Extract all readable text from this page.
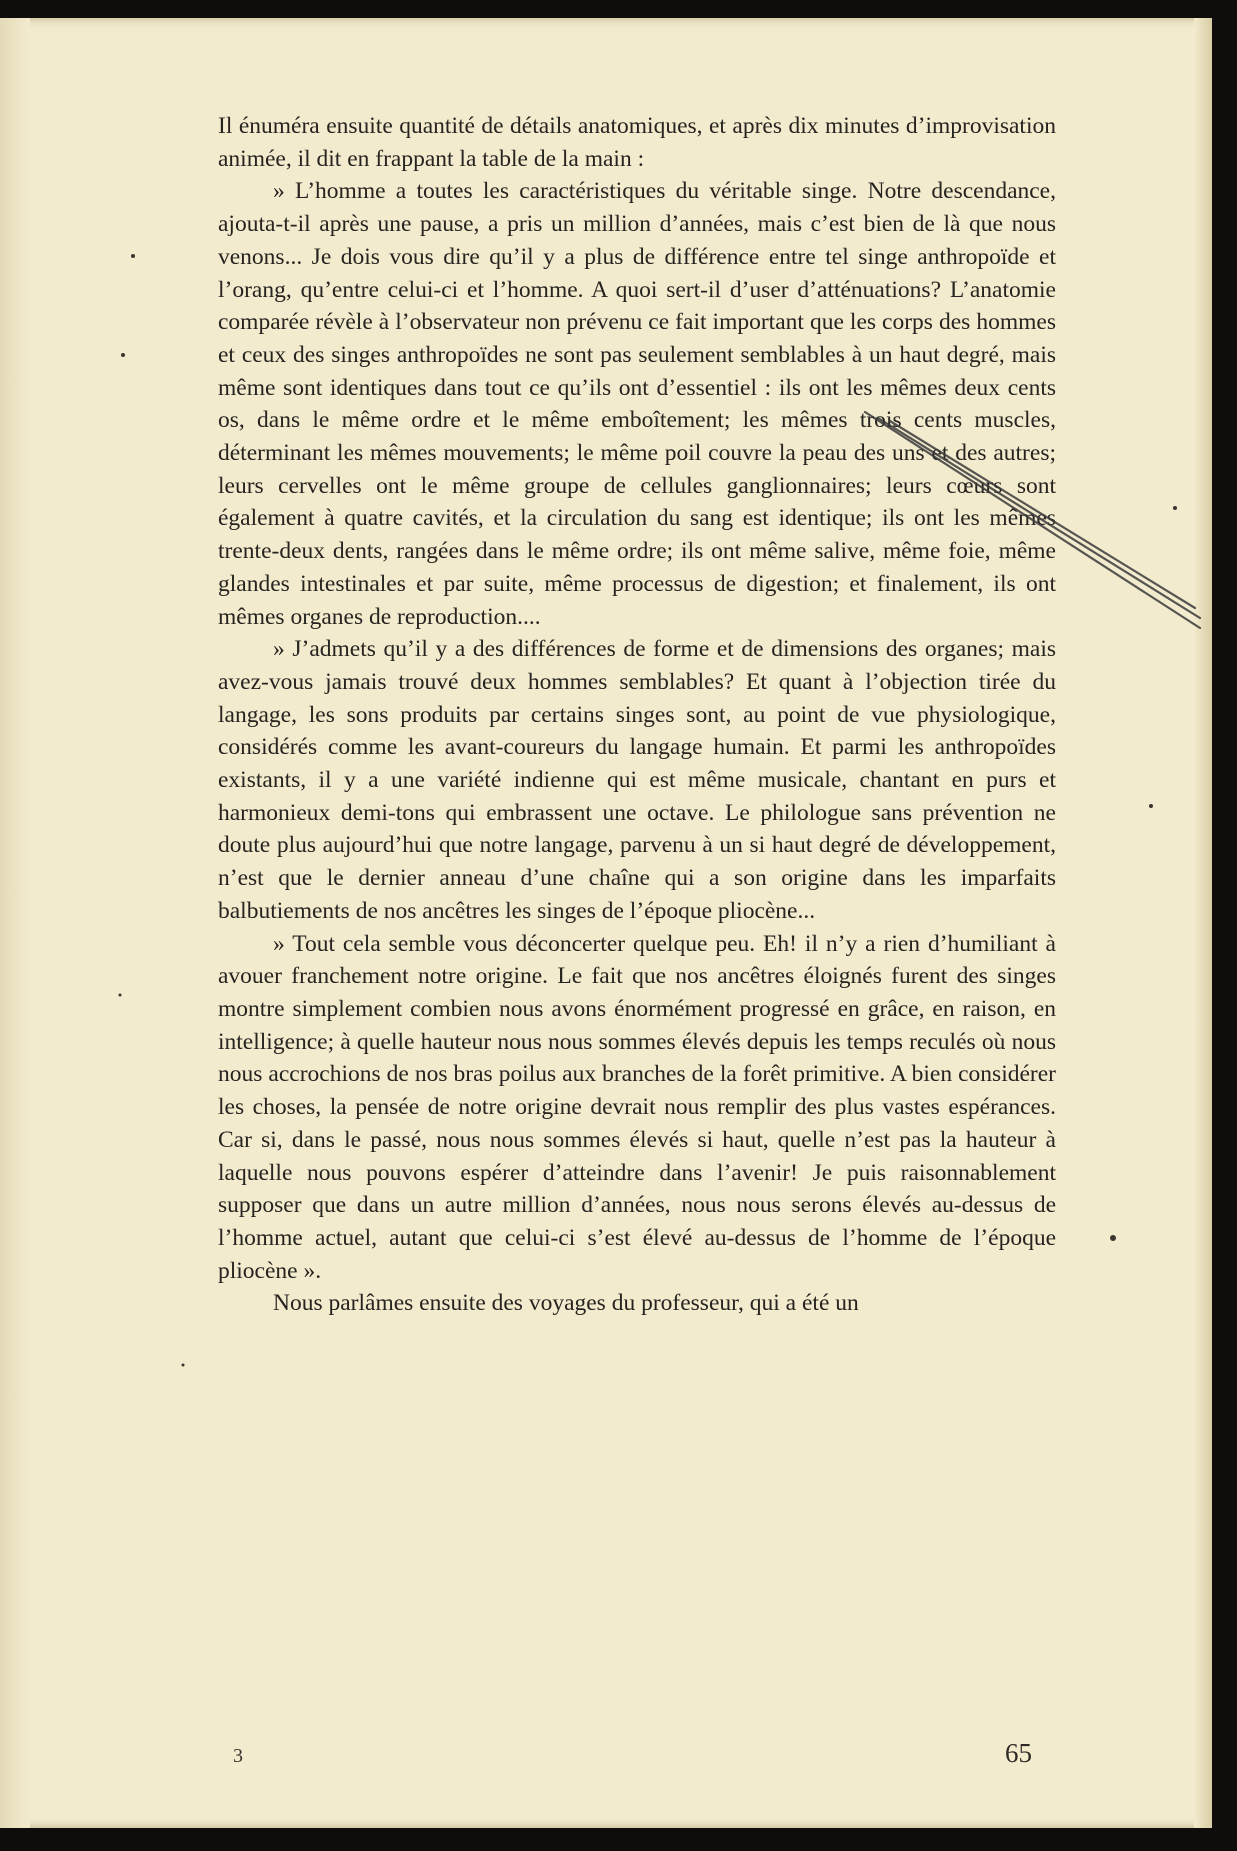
Il énuméra ensuite quantité de détails anatomiques, et après dix minutes d’improvisation animée, il dit en frappant la table de la main :

» L’homme a toutes les caractéristiques du véritable singe. Notre descendance, ajouta-t-il après une pause, a pris un million d’années, mais c’est bien de là que nous venons... Je dois vous dire qu’il y a plus de différence entre tel singe anthropoïde et l’orang, qu’entre celui-ci et l’homme. A quoi sert-il d’user d’atténuations? L’anatomie comparée révèle à l’observateur non prévenu ce fait important que les corps des hommes et ceux des singes anthropoïdes ne sont pas seulement semblables à un haut degré, mais même sont identiques dans tout ce qu’ils ont d’essentiel : ils ont les mêmes deux cents os, dans le même ordre et le même emboîtement; les mêmes trois cents muscles, déterminant les mêmes mouvements; le même poil couvre la peau des uns et des autres; leurs cervelles ont le même groupe de cellules ganglionnaires; leurs cœurs sont également à quatre cavités, et la circulation du sang est identique; ils ont les mêmes trente-deux dents, rangées dans le même ordre; ils ont même salive, même foie, même glandes intestinales et par suite, même processus de digestion; et finalement, ils ont mêmes organes de reproduction....

» J’admets qu’il y a des différences de forme et de dimensions des organes; mais avez-vous jamais trouvé deux hommes semblables? Et quant à l’objection tirée du langage, les sons produits par certains singes sont, au point de vue physiologique, considérés comme les avant-coureurs du langage humain. Et parmi les anthropoïdes existants, il y a une variété indienne qui est même musicale, chantant en purs et harmonieux demi-tons qui embrassent une octave. Le philologue sans prévention ne doute plus aujourd’hui que notre langage, parvenu à un si haut degré de développement, n’est que le dernier anneau d’une chaîne qui a son origine dans les imparfaits balbutiements de nos ancêtres les singes de l’époque pliocène...

» Tout cela semble vous déconcerter quelque peu. Eh! il n’y a rien d’humiliant à avouer franchement notre origine. Le fait que nos ancêtres éloignés furent des singes montre simplement combien nous avons énormément progressé en grâce, en raison, en intelligence; à quelle hauteur nous nous sommes élevés depuis les temps reculés où nous nous accrochions de nos bras poilus aux branches de la forêt primitive. A bien considérer les choses, la pensée de notre origine devrait nous remplir des plus vastes espérances. Car si, dans le passé, nous nous sommes élevés si haut, quelle n’est pas la hauteur à laquelle nous pouvons espérer d’atteindre dans l’avenir! Je puis raisonnablement supposer que dans un autre million d’années, nous nous serons élevés au-dessus de l’homme actuel, autant que celui-ci s’est élevé au-dessus de l’homme de l’époque pliocène ».

Nous parlâmes ensuite des voyages du professeur, qui a été un

3	65
